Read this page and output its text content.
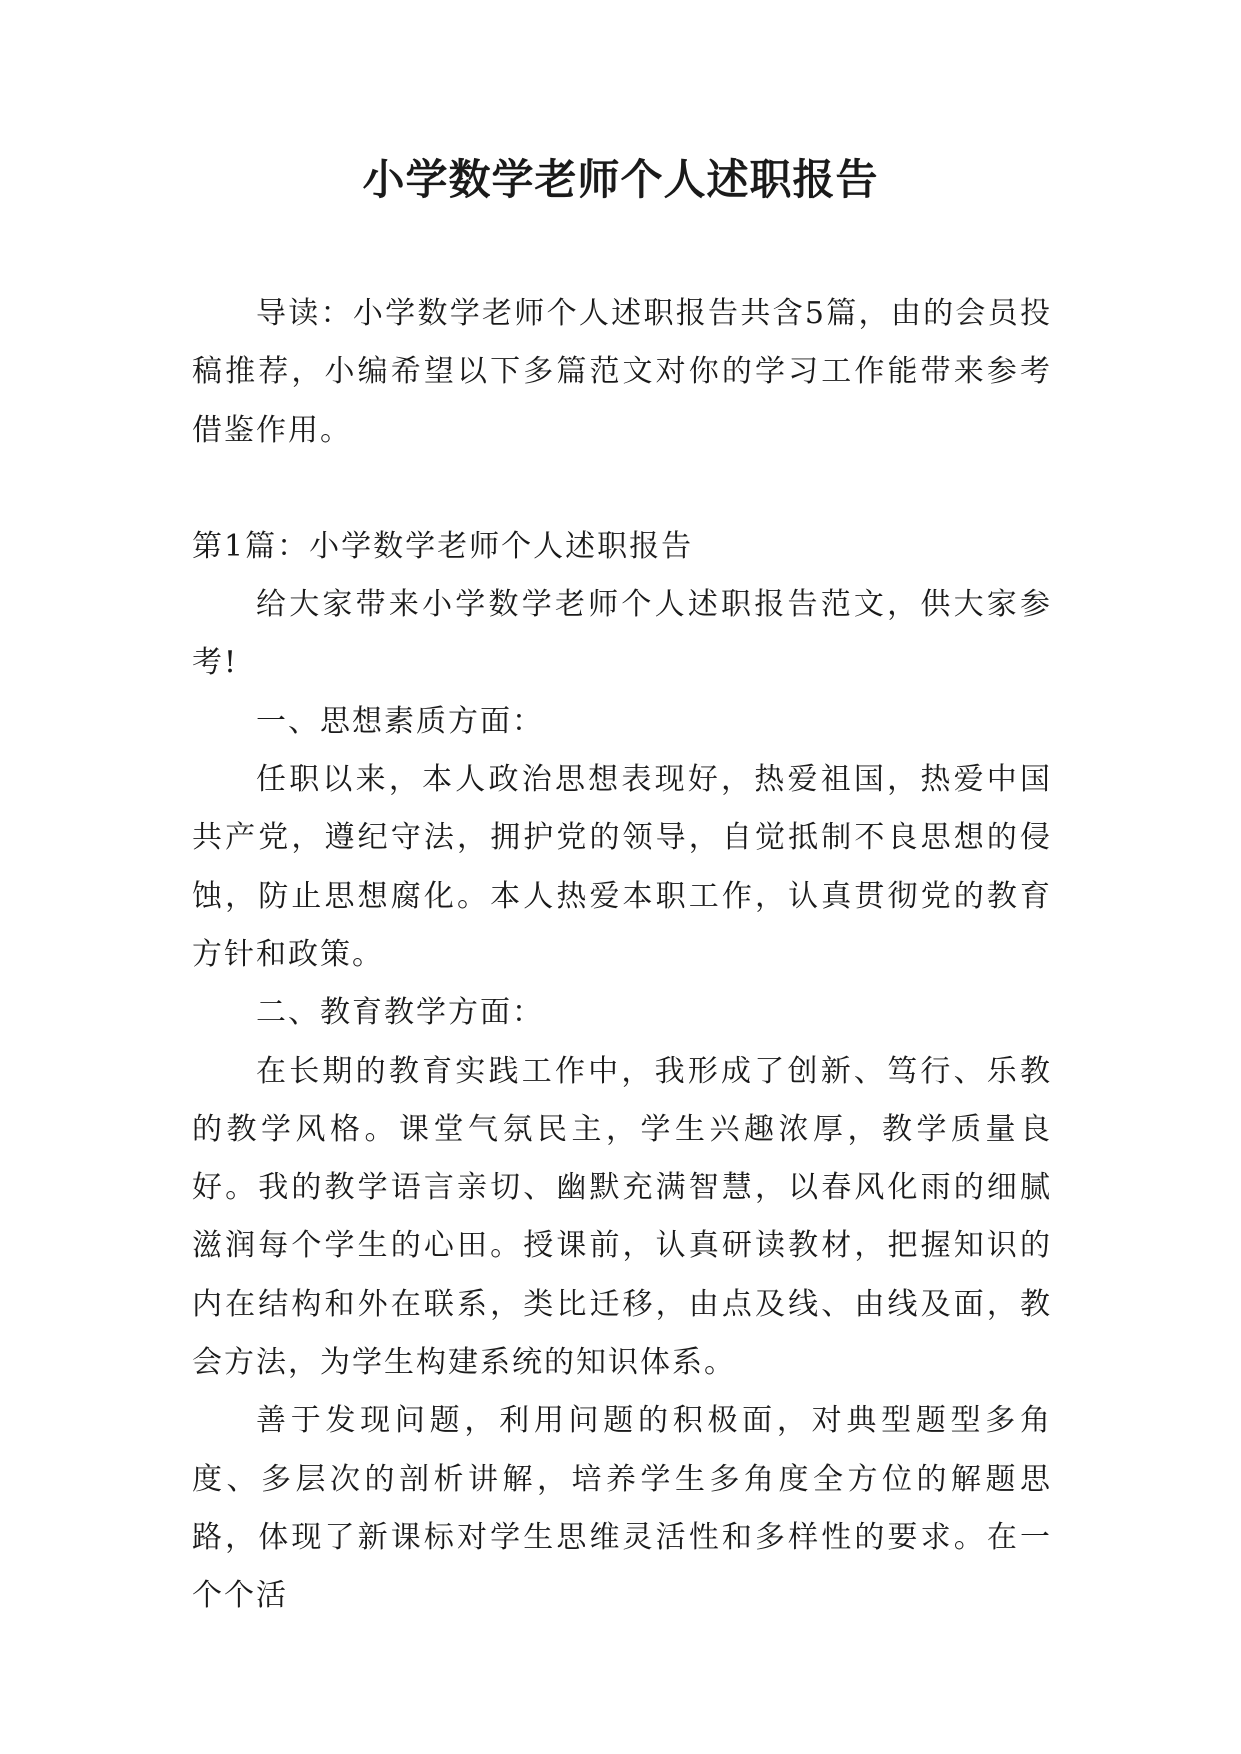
小学数学老师个人述职报告

导读：小学数学老师个人述职报告共含5篇，由的会员投稿推荐，小编希望以下多篇范文对你的学习工作能带来参考借鉴作用。

第1篇：小学数学老师个人述职报告

给大家带来小学数学老师个人述职报告范文，供大家参考!

一、思想素质方面：

任职以来，本人政治思想表现好，热爱祖国，热爱中国共产党，遵纪守法，拥护党的领导，自觉抵制不良思想的侵蚀，防止思想腐化。本人热爱本职工作，认真贯彻党的教育方针和政策。

二、教育教学方面：

在长期的教育实践工作中，我形成了创新、笃行、乐教的教学风格。课堂气氛民主，学生兴趣浓厚，教学质量良好。我的教学语言亲切、幽默充满智慧，以春风化雨的细腻滋润每个学生的心田。授课前，认真研读教材，把握知识的内在结构和外在联系，类比迁移，由点及线、由线及面，教会方法，为学生构建系统的知识体系。

善于发现问题，利用问题的积极面，对典型题型多角度、多层次的剖析讲解，培养学生多角度全方位的解题思路，体现了新课标对学生思维灵活性和多样性的要求。在一个个活
